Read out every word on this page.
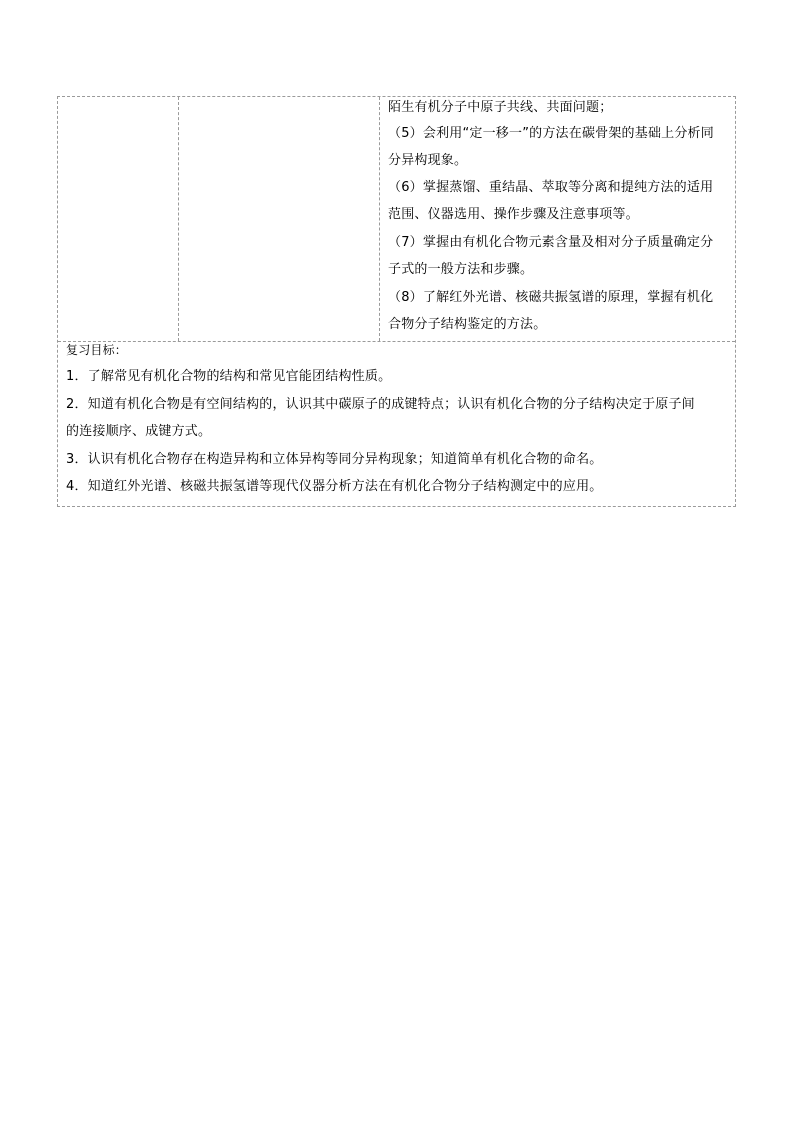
陌生有机分子中原子共线、共面问题；
（5）会利用“定一移一”的方法在碳骨架的基础上分析同
分异构现象。
（6）掌握蒸馏、重结晶、萃取等分离和提纯方法的适用
范围、仪器选用、操作步骤及注意事项等。
（7）掌握由有机化合物元素含量及相对分子质量确定分
子式的一般方法和步骤。
（8）了解红外光谱、核磁共振氢谱的原理，掌握有机化
合物分子结构鉴定的方法。
复习目标：
1．了解常见有机化合物的结构和常见官能团结构性质。
2．知道有机化合物是有空间结构的，认识其中碳原子的成键特点；认识有机化合物的分子结构决定于原子间
的连接顺序、成键方式。
3．认识有机化合物存在构造异构和立体异构等同分异构现象；知道简单有机化合物的命名。
4．知道红外光谱、核磁共振氢谱等现代仪器分析方法在有机化合物分子结构测定中的应用。
